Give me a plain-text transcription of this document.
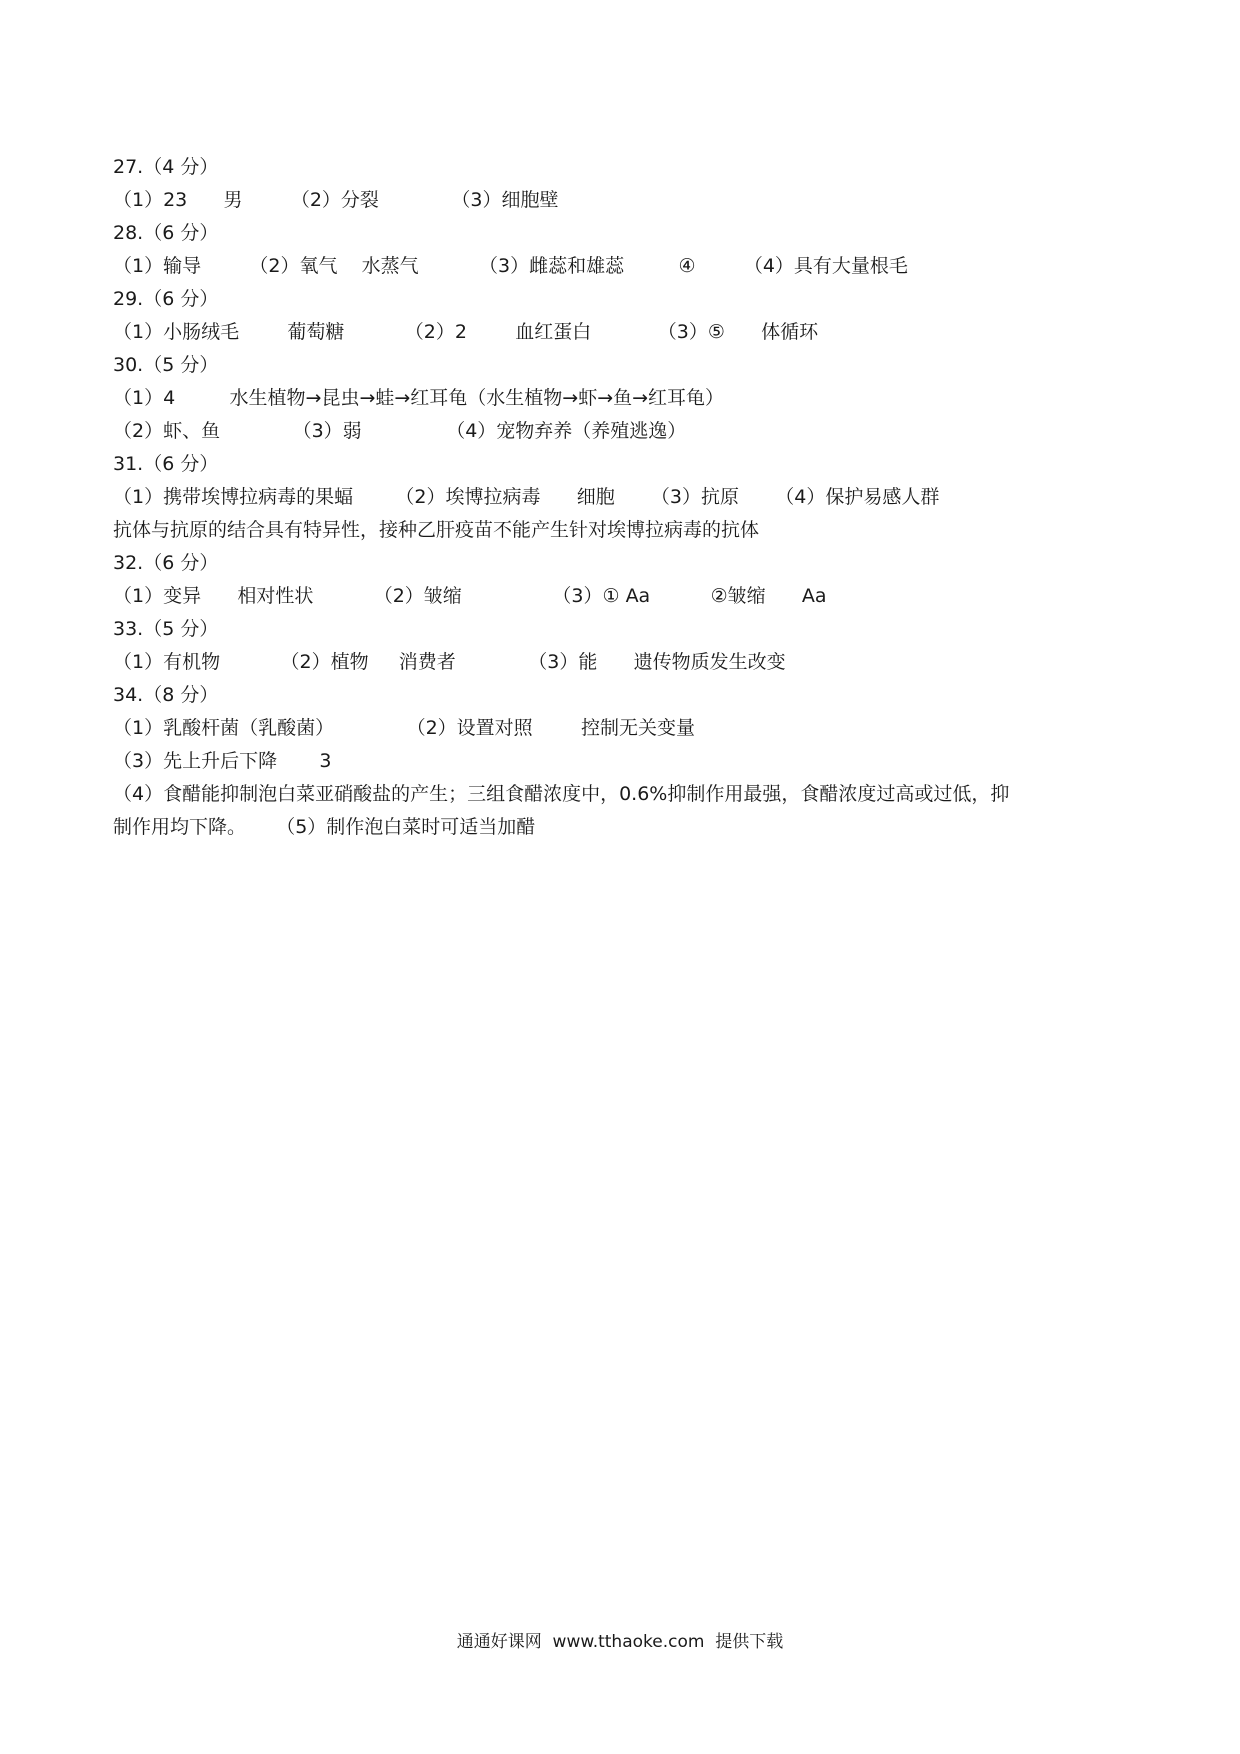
27.（4 分）
（1）23      男        （2）分裂            （3）细胞壁
28.（6 分）
（1）输导        （2）氧气    水蒸气          （3）雌蕊和雄蕊         ④        （4）具有大量根毛
29.（6 分）
（1）小肠绒毛        葡萄糖          （2）2        血红蛋白           （3）⑤      体循环
30.（5 分）
（1）4         水生植物→昆虫→蛙→红耳龟（水生植物→虾→鱼→红耳龟）
（2）虾、鱼            （3）弱              （4）宠物弃养（养殖逃逸）
31.（6 分）
（1）携带埃博拉病毒的果蝠       （2）埃博拉病毒      细胞      （3）抗原      （4）保护易感人群
抗体与抗原的结合具有特异性，接种乙肝疫苗不能产生针对埃博拉病毒的抗体
32.（6 分）
（1）变异      相对性状          （2）皱缩               （3）① Aa          ②皱缩      Aa
33.（5 分）
（1）有机物          （2）植物     消费者            （3）能      遗传物质发生改变
34.（8 分）
（1）乳酸杆菌（乳酸菌）            （2）设置对照        控制无关变量
（3）先上升后下降       3
（4）食醋能抑制泡白菜亚硝酸盐的产生；三组食醋浓度中，0.6%抑制作用最强，食醋浓度过高或过低，抑
制作用均下降。     （5）制作泡白菜时可适当加醋
通通好课网  www.tthaoke.com  提供下载
